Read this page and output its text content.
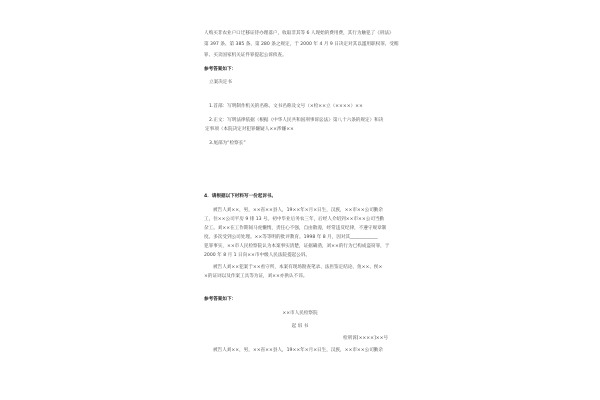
人购买非农业户口迁移证待办理落户，收取非其等 6 人现始的费用费，其行为触犯了《刑法》

第 397 条、第 385 条、第 280 条之规定，于 2000 年 4 月 9 日决定对其以滥用职权罪、受贿

罪、买卖国家机关证件罪提起公诉侦查。

参考答案如下：

立案决定书

1.首部：写明制作机关的名称、文书名称及文号（×检××立（××××）××

2.正文：写明法律依据（根据《中华人民共和国刑事诉讼法》第八十六条的规定）和决

定事项（本院决定对犯罪嫌疑人××涉嫌××

3.尾部为“检察长”

4．请根据以下材料写一份起诉书。

被告人刘××，男，××省××县人，19××年×月×日生，汉族，××市××公司勤杂

工，住××公司平房 9 排 13 号。初中毕业后务农三年，后经人介绍到××市××公司当勤

杂工。刘××在工作期间马虎懒惰，责任心不强，自由散漫，经常违反纪律，不遵守规章制

度。多次受到公司处理。××等等明的批评教育。1998 年 8 月，因对其____________

犯罪事实，××市人民检察院认为本案事实清楚，证据确凿，刘××的行为已构成盗窃罪，于

2000 年 8 月 1 日向××市中级人民法院提起公诉。

被告人刘××犯案于××看守所，本案有现场勘查笔录、法医鉴定结论、鱼××、侯×

×的证词以及作案工具等为证，刘××亦供认不讳。

参考答案如下：

××市人民检察院

起 诉 书

检刑诉[××××]××号

被告人刘××，男，××省××县人，19××年×月×日生，汉族，××市××公司勤杂
